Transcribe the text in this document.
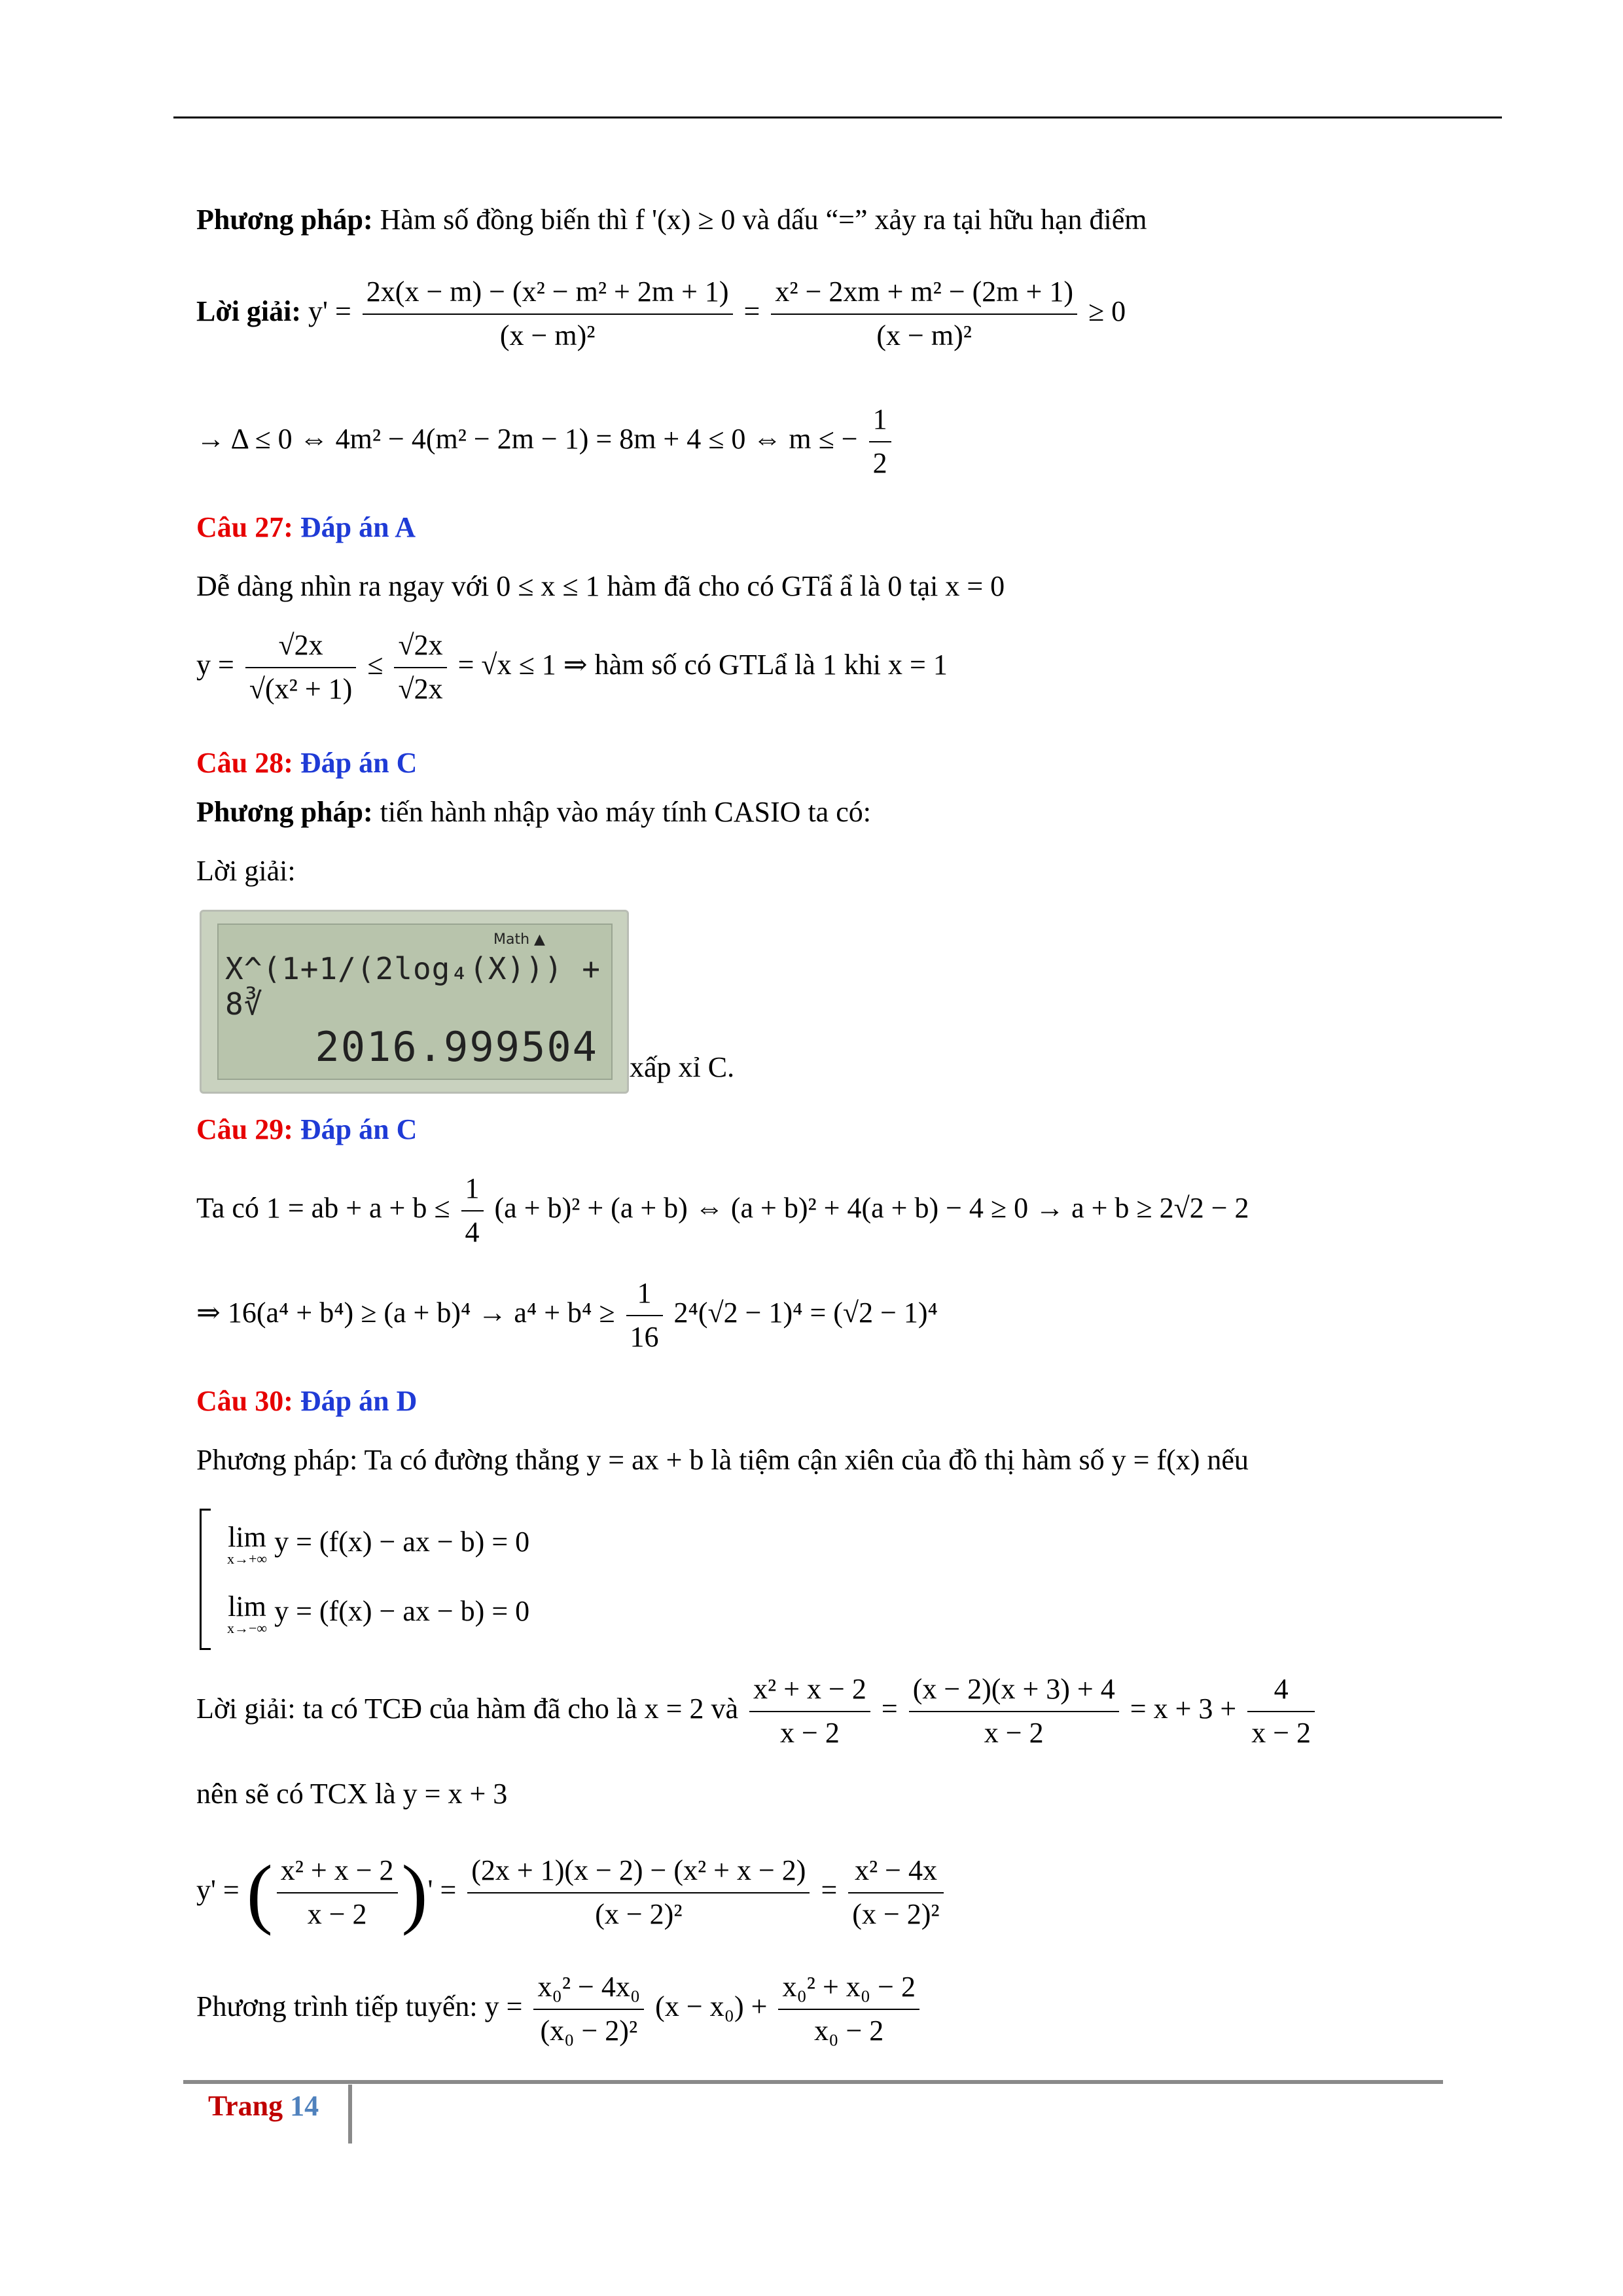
Phương pháp: Hàm số đồng biến thì f '(x) ≥ 0 và dấu “=” xảy ra tại hữu hạn điểm
Lời giải: $y' = \frac{\text{2x(x − m) − (x² − m² + 2m + 1)}}{\text{(x − m)²}} = \frac{\text{x² − 2xm + m² − (2m + 1)}}{\text{(x − m)²}} \ge 0$
→ Δ ≤ 0 ⇔ 4m² − 4(m² − 2m − 1) = 8m + 4 ≤ 0 ⇔ m ≤ − $\frac{1}{2}$
Câu 27: Đáp án A
Dễ dàng nhìn ra ngay với 0 ≤ x ≤ 1 hàm đã cho có GTẩ ẩ là 0 tại x = 0
$y = \frac{√2x}{\text{√(x² + 1)}} \le \frac{√2x}{√2x} = √x \le 1$ ⇒ hàm số có GTLẩ là 1 khi x = 1
Câu 28: Đáp án C
Phương pháp: tiến hành nhập vào máy tính CASIO ta có:
Lời giải:
Math ▲
X^(1+1/(2log₄(X))) + 8∛
2016.999504 xấp xỉ C.
Câu 29: Đáp án C
Ta có 1 = ab + $a + b \le \frac{1}{4} (a + b)^2 + (a + b)$ ⇔ (a + b)² + 4(a + b) − 4 ≥ 0 → a + b ≥ 2√2 − 2
⇒ $16(a^4 + b^4) \ge (a + b)^4 \to a^4 + b^4 \ge \frac{1}{16} 2^4(√2 - 1)^4 = (√2 - 1)^4$
Câu 30: Đáp án D
Phương pháp: Ta có đường thẳng y = ax + b là tiệm cận xiên của đồ thị hàm số y = f(x) nếu

lim
x→+∞
y = (f(x) − ax − b) = 0
lim
x→−∞
y = (f(x) − ax − b) = 0
Lời giải: ta có TCĐ của hàm đã cho là x = 2 và $\frac{\text{x² + x − 2}}{x - 2} = \frac{(x - 2)(x + 3) + 4}{x - 2} = x + 3 + \frac{4}{x - 2}$
nên sẽ có TCX là y = x + 3
y' = ( $\frac{\text{x² + x − 2}}{x - 2}$ )' = $\frac{\text{(2x + 1)(x − 2) − (x² + x − 2)}}{\text{(x − 2)²}} = \frac{\text{x² − 4x}}{\text{(x − 2)²}}$
Phương trình tiếp tuyến: $y = \frac{\text{x₀² − 4x₀}}{\text{(x₀ − 2)²}} (x - x_0) + \frac{\text{x₀² + x₀ − 2}}{\text{x₀ − 2}}$
Trang 14
